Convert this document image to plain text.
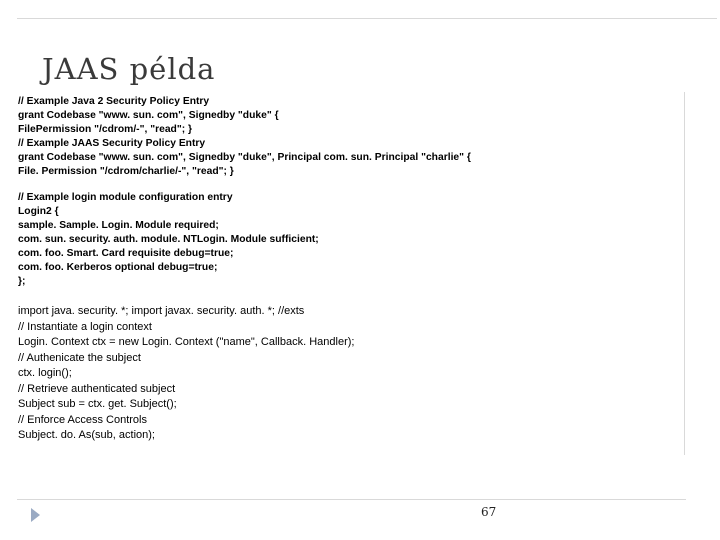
JAAS példa
// Example Java 2 Security Policy Entry
grant Codebase "www. sun. com", Signedby "duke" {
FilePermission "/cdrom/-", "read"; }
// Example JAAS Security Policy Entry
grant Codebase "www. sun. com", Signedby "duke", Principal com. sun. Principal "charlie" {
File. Permission "/cdrom/charlie/-", "read"; }
// Example login module configuration entry
Login2 {
sample. Sample. Login. Module required;
com. sun. security. auth. module. NTLogin. Module sufficient;
com. foo. Smart. Card requisite debug=true;
com. foo. Kerberos optional debug=true;
};
import java. security. *; import javax. security. auth. *; //exts
// Instantiate a login context
Login. Context ctx = new Login. Context ("name", Callback. Handler);
// Authenicate the subject
ctx. login();
// Retrieve authenticated subject
Subject sub = ctx. get. Subject();
// Enforce Access Controls
Subject. do. As(sub, action);
67
